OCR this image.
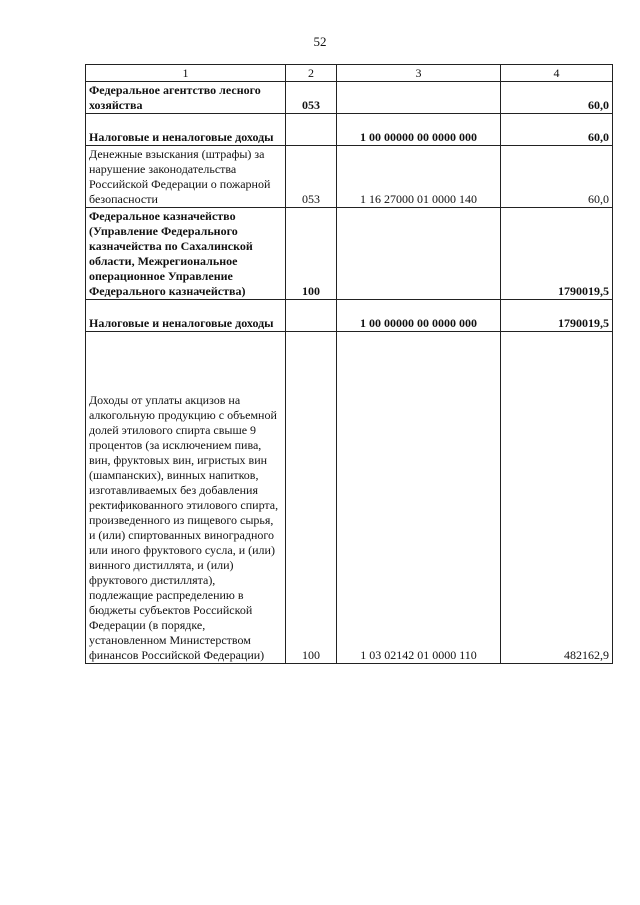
52
1	2	3	4
Федеральное агентство лесного хозяйства	053		60,0
Налоговые и неналоговые доходы		1 00 00000 00 0000 000	60,0
Денежные взыскания (штрафы) за нарушение законодательства Российской Федерации о пожарной безопасности	053	1 16 27000 01 0000 140	60,0
Федеральное казначейство (Управление Федерального казначейства по Сахалинской области, Межрегиональное операционное Управление Федерального казначейства)	100		1790019,5
Налоговые и неналоговые доходы		1 00 00000 00 0000 000	1790019,5
Доходы от уплаты акцизов на алкогольную продукцию с объемной долей этилового спирта свыше 9 процентов (за исключением пива, вин, фруктовых вин, игристых вин (шампанских), винных напитков, изготавливаемых без добавления ректификованного этилового спирта, произведенного из пищевого сырья, и (или) спиртованных виноградного или иного фруктового сусла, и (или) винного дистиллята, и (или) фруктового дистиллята), подлежащие распределению в бюджеты субъектов Российской Федерации (в порядке, установленном Министерством финансов Российской Федерации)	100	1 03 02142 01 0000 110	482162,9
